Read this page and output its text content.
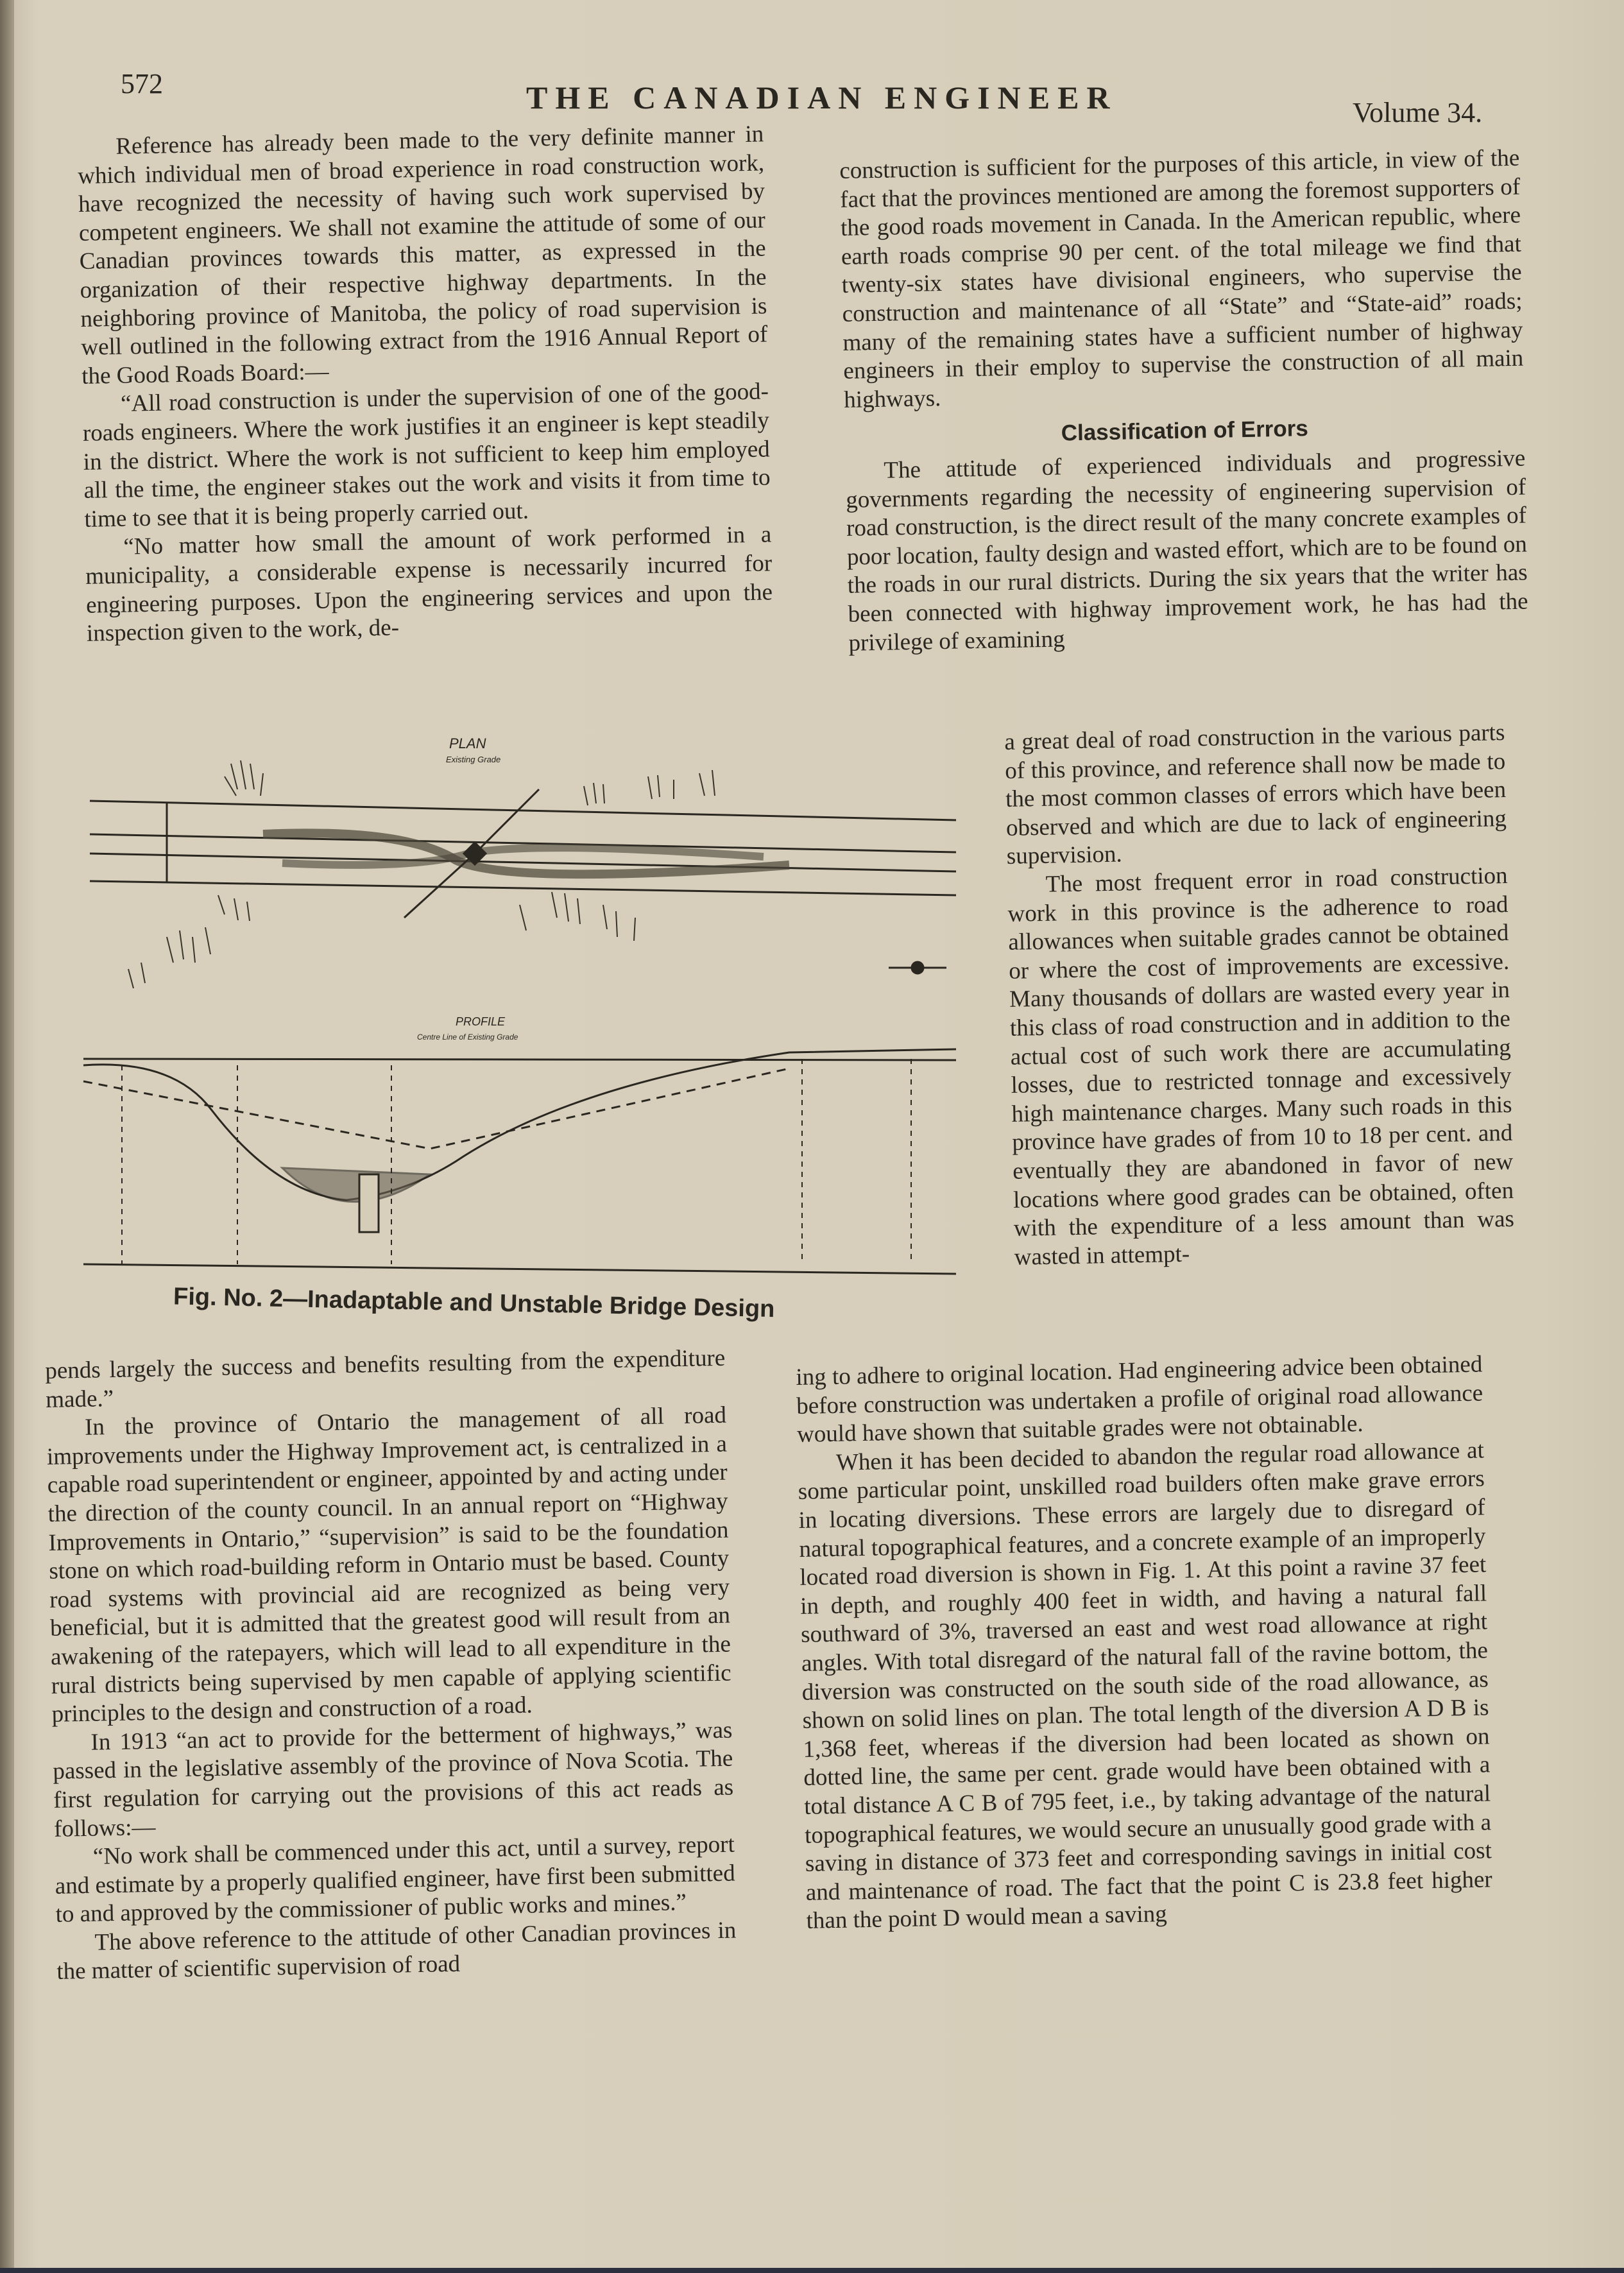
572	THE CANADIAN ENGINEER	Volume 34.

Reference has already been made to the very definite manner in which individual men of broad experience in road construction work, have recognized the necessity of having such work supervised by competent engineers. We shall not examine the attitude of some of our Canadian provinces towards this matter, as expressed in the organization of their respective highway departments. In the neighboring province of Manitoba, the policy of road supervision is well outlined in the following extract from the 1916 Annual Report of the Good Roads Board:—

“All road construction is under the supervision of one of the good-roads engineers. Where the work justifies it an engineer is kept steadily in the district. Where the work is not sufficient to keep him employed all the time, the engineer stakes out the work and visits it from time to time to see that it is being properly carried out.

“No matter how small the amount of work performed in a municipality, a considerable expense is necessarily incurred for engineering purposes. Upon the engineering services and upon the inspection given to the work, de-

construction is sufficient for the purposes of this article, in view of the fact that the provinces mentioned are among the foremost supporters of the good roads movement in Canada. In the American republic, where earth roads comprise 90 per cent. of the total mileage we find that twenty-six states have divisional engineers, who supervise the construction and maintenance of all “State” and “State-aid” roads; many of the remaining states have a sufficient number of highway engineers in their employ to supervise the construction of all main highways.

Classification of Errors

The attitude of experienced individuals and progressive governments regarding the necessity of engineering supervision of road construction, is the direct result of the many concrete examples of poor location, faulty design and wasted effort, which are to be found on the roads in our rural districts. During the six years that the writer has been connected with highway improvement work, he has had the privilege of examining

a great deal of road construction in the various parts of this province, and reference shall now be made to the most common classes of errors which have been observed and which are due to lack of engineering supervision.

The most frequent error in road construction work in this province is the adherence to road allowances when suitable grades cannot be obtained or where the cost of improvements are excessive. Many thousands of dollars are wasted every year in this class of road construction and in addition to the actual cost of such work there are accumulating losses, due to restricted tonnage and excessively high maintenance charges. Many such roads in this province have grades of from 10 to 18 per cent. and eventually they are abandoned in favor of new locations where good grades can be obtained, often with the expenditure of a less amount than was wasted in attempt-

PLAN
Existing Grade
PROFILE
Centre Line of Existing Grade
Fig. No. 2—Inadaptable and Unstable Bridge Design

pends largely the success and benefits resulting from the expenditure made.”

In the province of Ontario the management of all road improvements under the Highway Improvement act, is centralized in a capable road superintendent or engineer, appointed by and acting under the direction of the county council. In an annual report on “Highway Improvements in Ontario,” “supervision” is said to be the foundation stone on which road-building reform in Ontario must be based. County road systems with provincial aid are recognized as being very beneficial, but it is admitted that the greatest good will result from an awakening of the ratepayers, which will lead to all expenditure in the rural districts being supervised by men capable of applying scientific principles to the design and construction of a road.

In 1913 “an act to provide for the betterment of highways,” was passed in the legislative assembly of the province of Nova Scotia. The first regulation for carrying out the provisions of this act reads as follows:—

“No work shall be commenced under this act, until a survey, report and estimate by a properly qualified engineer, have first been submitted to and approved by the commissioner of public works and mines.”

The above reference to the attitude of other Canadian provinces in the matter of scientific supervision of road

ing to adhere to original location. Had engineering advice been obtained before construction was undertaken a profile of original road allowance would have shown that suitable grades were not obtainable.

When it has been decided to abandon the regular road allowance at some particular point, unskilled road builders often make grave errors in locating diversions. These errors are largely due to disregard of natural topographical features, and a concrete example of an improperly located road diversion is shown in Fig. 1. At this point a ravine 37 feet in depth, and roughly 400 feet in width, and having a natural fall southward of 3%, traversed an east and west road allowance at right angles. With total disregard of the natural fall of the ravine bottom, the diversion was constructed on the south side of the road allowance, as shown on solid lines on plan. The total length of the diversion A D B is 1,368 feet, whereas if the diversion had been located as shown on dotted line, the same per cent. grade would have been obtained with a total distance A C B of 795 feet, i.e., by taking advantage of the natural topographical features, we would secure an unusually good grade with a saving in distance of 373 feet and corresponding savings in initial cost and maintenance of road. The fact that the point C is 23.8 feet higher than the point D would mean a saving
